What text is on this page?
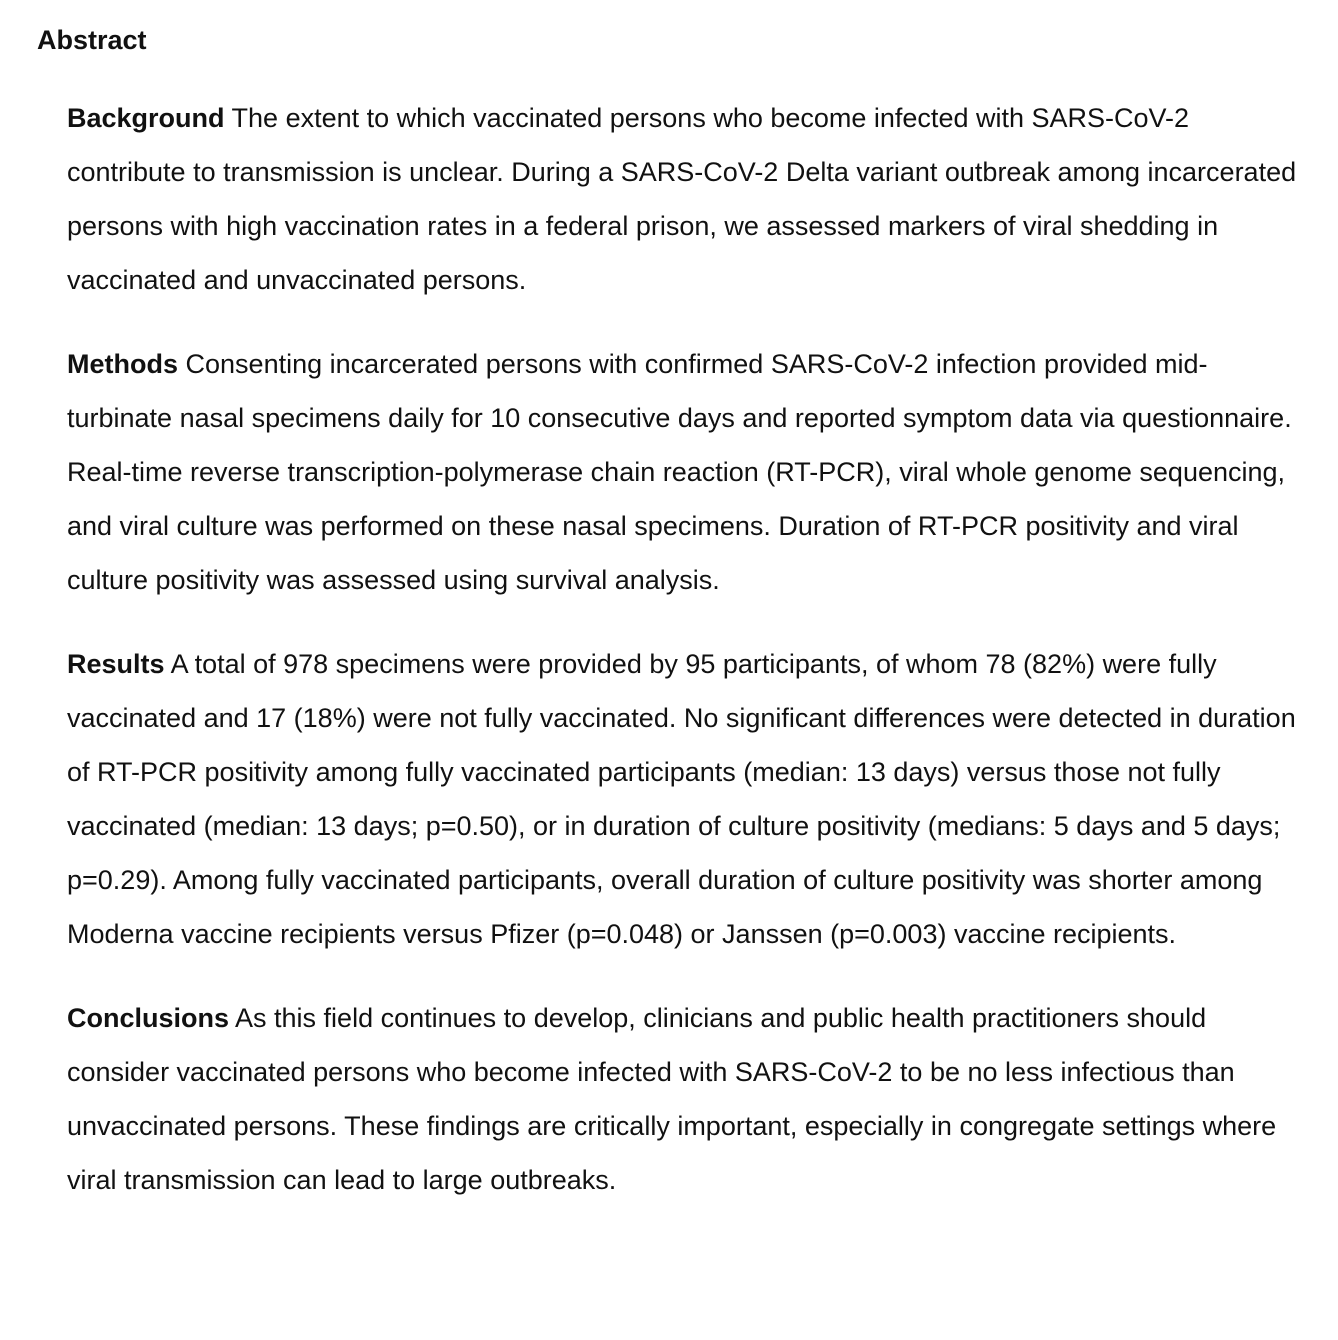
Abstract

Background The extent to which vaccinated persons who become infected with SARS-CoV-2 contribute to transmission is unclear. During a SARS-CoV-2 Delta variant outbreak among incarcerated persons with high vaccination rates in a federal prison, we assessed markers of viral shedding in vaccinated and unvaccinated persons.

Methods Consenting incarcerated persons with confirmed SARS-CoV-2 infection provided mid-turbinate nasal specimens daily for 10 consecutive days and reported symptom data via questionnaire. Real-time reverse transcription-polymerase chain reaction (RT-PCR), viral whole genome sequencing, and viral culture was performed on these nasal specimens. Duration of RT-PCR positivity and viral culture positivity was assessed using survival analysis.

Results A total of 978 specimens were provided by 95 participants, of whom 78 (82%) were fully vaccinated and 17 (18%) were not fully vaccinated. No significant differences were detected in duration of RT-PCR positivity among fully vaccinated participants (median: 13 days) versus those not fully vaccinated (median: 13 days; p=0.50), or in duration of culture positivity (medians: 5 days and 5 days; p=0.29). Among fully vaccinated participants, overall duration of culture positivity was shorter among Moderna vaccine recipients versus Pfizer (p=0.048) or Janssen (p=0.003) vaccine recipients.

Conclusions As this field continues to develop, clinicians and public health practitioners should consider vaccinated persons who become infected with SARS-CoV-2 to be no less infectious than unvaccinated persons. These findings are critically important, especially in congregate settings where viral transmission can lead to large outbreaks.
